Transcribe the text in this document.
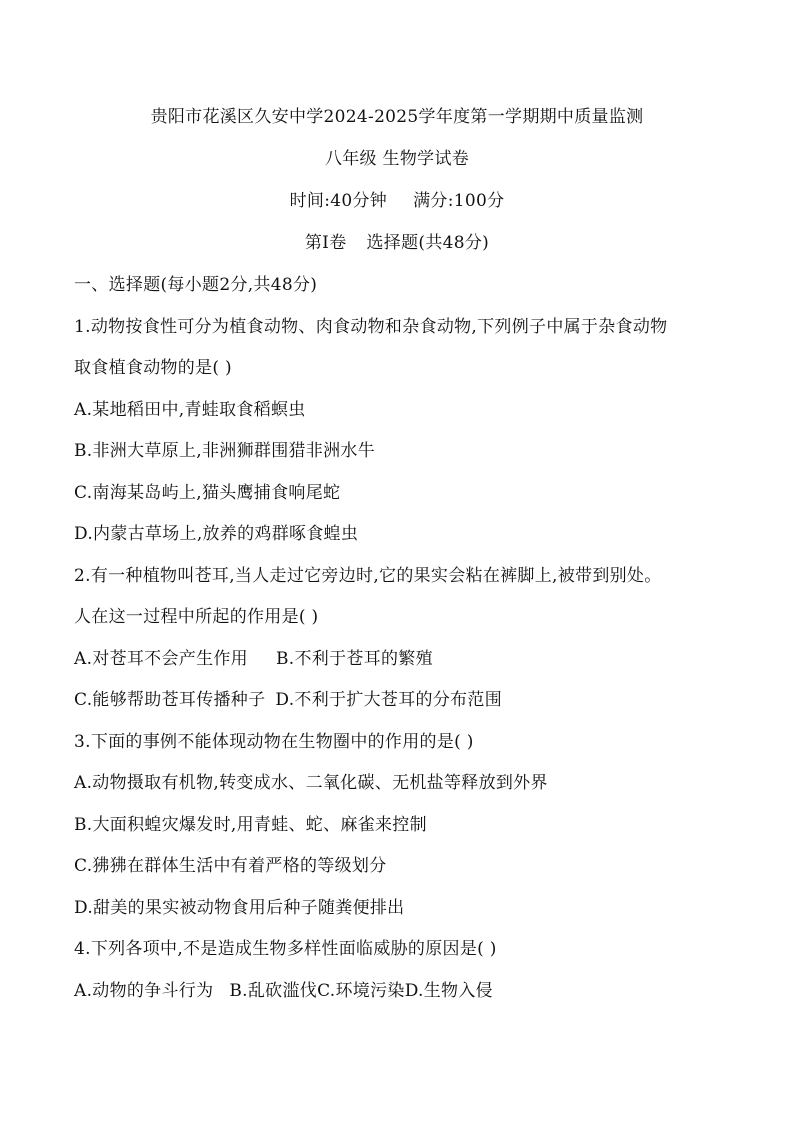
贵阳市花溪区久安中学2024-2025学年度第一学期期中质量监测
八年级 生物学试卷
时间:40分钟 满分:100分
第Ⅰ卷 选择题(共48分)
一、选择题(每小题2分,共48分)
1.动物按食性可分为植食动物、肉食动物和杂食动物,下列例子中属于杂食动物
取食植食动物的是( )
A.某地稻田中,青蛙取食稻螟虫
B.非洲大草原上,非洲狮群围猎非洲水牛
C.南海某岛屿上,猫头鹰捕食响尾蛇
D.内蒙古草场上,放养的鸡群啄食蝗虫
2.有一种植物叫苍耳,当人走过它旁边时,它的果实会粘在裤脚上,被带到别处。
人在这一过程中所起的作用是( )
A.对苍耳不会产生作用 B.不利于苍耳的繁殖
C.能够帮助苍耳传播种子 D.不利于扩大苍耳的分布范围
3.下面的事例不能体现动物在生物圈中的作用的是( )
A.动物摄取有机物,转变成水、二氧化碳、无机盐等释放到外界
B.大面积蝗灾爆发时,用青蛙、蛇、麻雀来控制
C.狒狒在群体生活中有着严格的等级划分
D.甜美的果实被动物食用后种子随粪便排出
4.下列各项中,不是造成生物多样性面临威胁的原因是( )
A.动物的争斗行为 B.乱砍滥伐C.环境污染D.生物入侵
